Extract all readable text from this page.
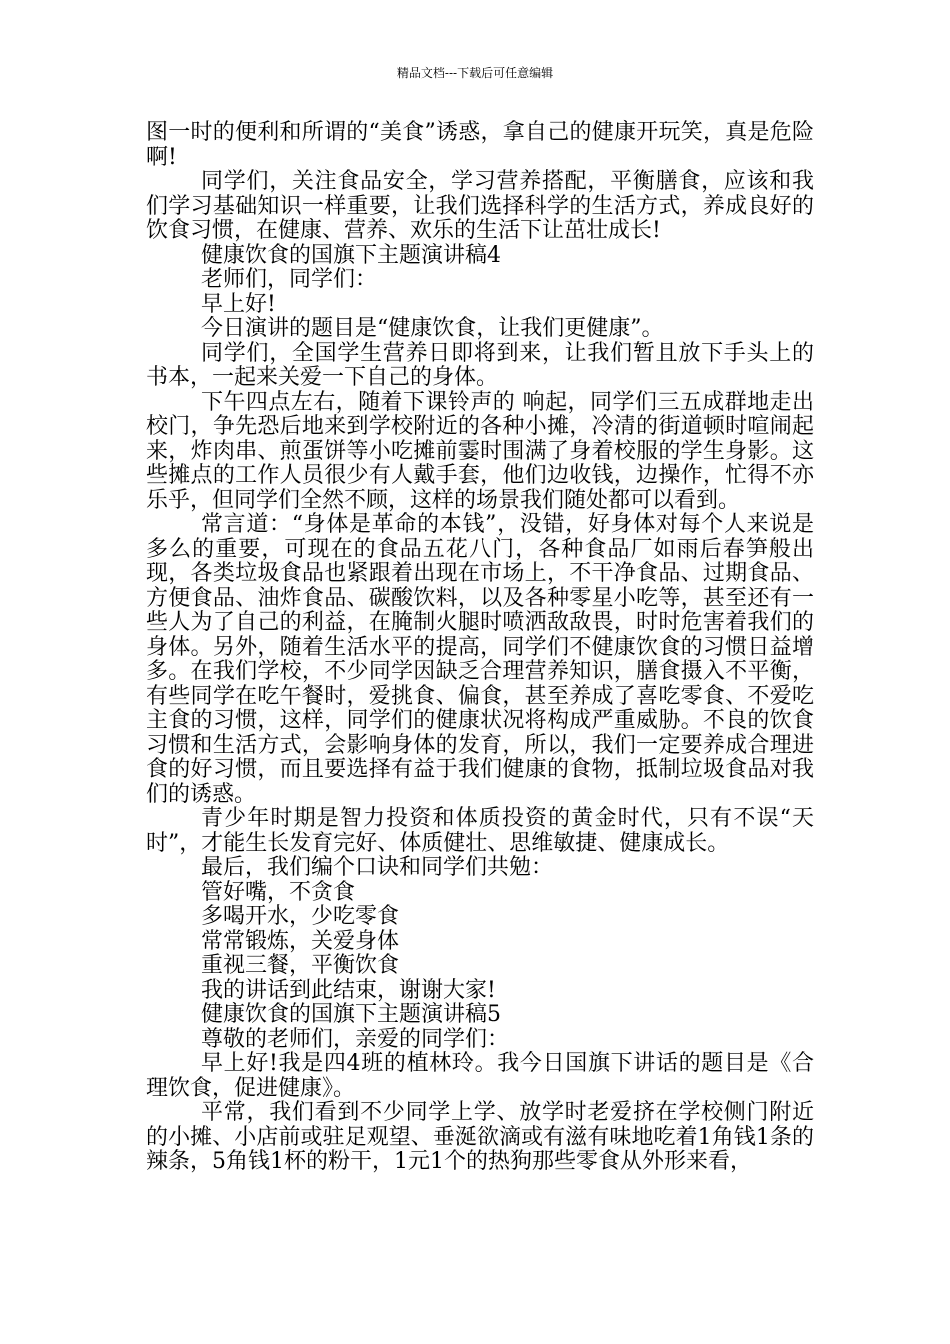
精品文档---下载后可任意编辑

图一时的便利和所谓的“美食”诱惑，拿自己的健康开玩笑，真是危险啊!

同学们，关注食品安全，学习营养搭配，平衡膳食，应该和我们学习基础知识一样重要，让我们选择科学的生活方式，养成良好的饮食习惯，在健康、营养、欢乐的生活下让茁壮成长!

健康饮食的国旗下主题演讲稿4

老师们，同学们：

早上好!

今日演讲的题目是“健康饮食，让我们更健康”。

同学们，全国学生营养日即将到来，让我们暂且放下手头上的书本，一起来关爱一下自己的身体。

下午四点左右，随着下课铃声的 响起，同学们三五成群地走出校门，争先恐后地来到学校附近的各种小摊，冷清的街道顿时喧闹起来，炸肉串、煎蛋饼等小吃摊前霎时围满了身着校服的学生身影。这些摊点的工作人员很少有人戴手套，他们边收钱，边操作，忙得不亦乐乎，但同学们全然不顾，这样的场景我们随处都可以看到。

常言道：“身体是革命的本钱”，没错，好身体对每个人来说是多么的重要，可现在的食品五花八门，各种食品厂如雨后春笋般出现，各类垃圾食品也紧跟着出现在市场上，不干净食品、过期食品、方便食品、油炸食品、碳酸饮料，以及各种零星小吃等，甚至还有一些人为了自己的利益，在腌制火腿时喷洒敌敌畏，时时危害着我们的身体。另外，随着生活水平的提高，同学们不健康饮食的习惯日益增多。在我们学校，不少同学因缺乏合理营养知识，膳食摄入不平衡，有些同学在吃午餐时，爱挑食、偏食，甚至养成了喜吃零食、不爱吃主食的习惯，这样，同学们的健康状况将构成严重威胁。不良的饮食习惯和生活方式，会影响身体的发育，所以，我们一定要养成合理进食的好习惯，而且要选择有益于我们健康的食物，抵制垃圾食品对我们的诱惑。

青少年时期是智力投资和体质投资的黄金时代，只有不误“天时”，才能生长发育完好、体质健壮、思维敏捷、健康成长。

最后，我们编个口诀和同学们共勉：

管好嘴，不贪食

多喝开水，少吃零食

常常锻炼，关爱身体

重视三餐，平衡饮食

我的讲话到此结束，谢谢大家!

健康饮食的国旗下主题演讲稿5

尊敬的老师们，亲爱的同学们：

早上好!我是四4班的植林玲。我今日国旗下讲话的题目是《合理饮食，促进健康》。

平常，我们看到不少同学上学、放学时老爱挤在学校侧门附近的小摊、小店前或驻足观望、垂涎欲滴或有滋有味地吃着1角钱1条的辣条，5角钱1杯的粉干，1元1个的热狗那些零食从外形来看，
